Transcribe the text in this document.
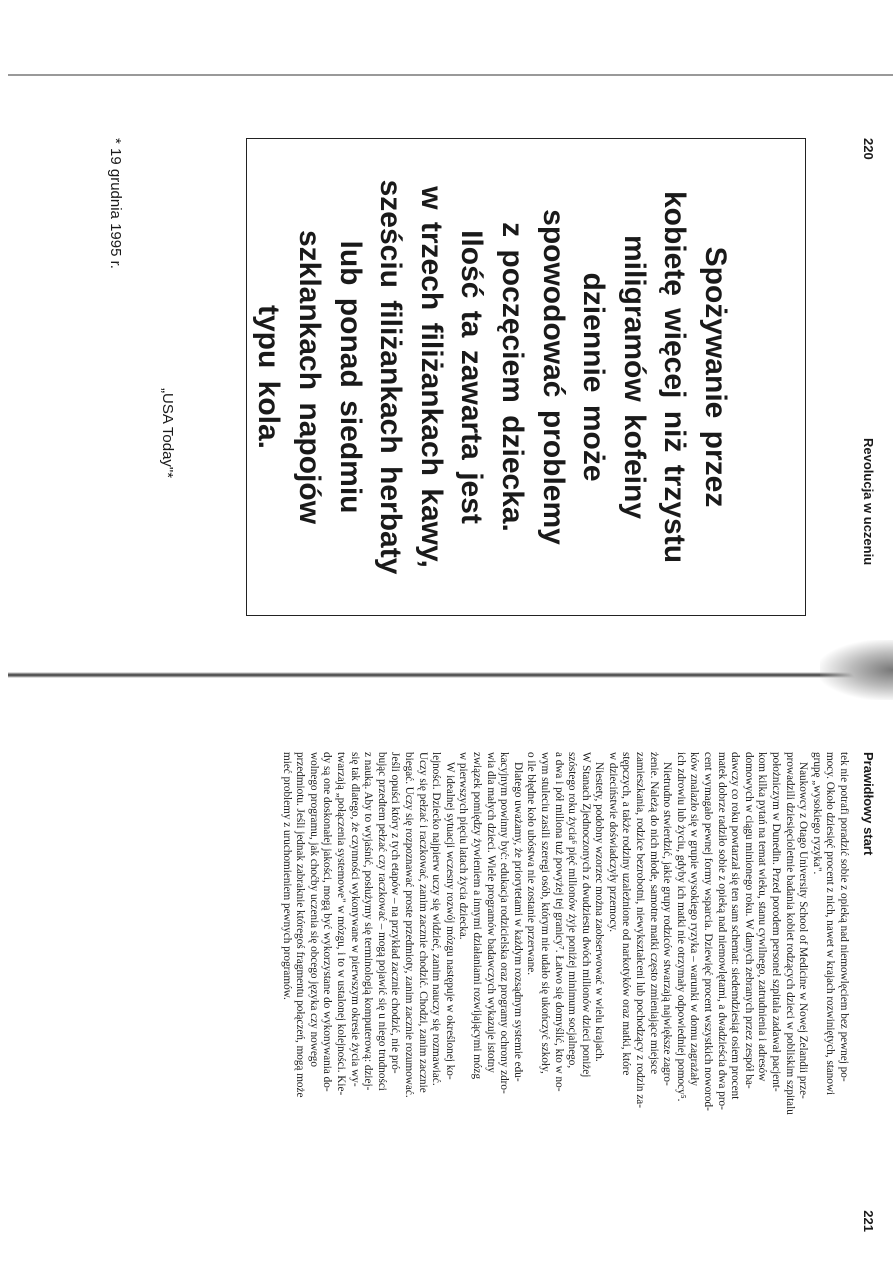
220
Revolucja w uczeniu
Spożywanie przez
kobietę więcej niż trzystu
miligramów kofeiny
dziennie może
spowodować problemy
z poczęciem dziecka.
Ilość ta zawarta jest
w trzech filiżankach kawy,
sześciu filiżankach herbaty
lub ponad siedmiu
szklankach napojów
typu kola.
„USA Today"*
* 19 grudnia 1995 r.
Prawidłowy start
221
tek nie potrafi poradzić sobie z opieką nad niemowlęciem bez pewnej po-
mocy. Około dziesięć procent z nich, nawet w krajach rozwiniętych, stanowi
grupę „wysokiego ryzyka".
Naukowcy z Otago University School of Medicine w Nowej Zelandii prze-
prowadzili dziesięcioletnie badania kobiet rodzących dzieci w pobliskim szpitalu
położniczym w Dunedin. Przed porodem personel szpitala zadawał pacjent-
kom kilka pytań na temat wieku, stanu cywilnego, zatrudnienia i adresów
domowych w ciągu minionego roku. W danych zebranych przez zespół ba-
dawczy co roku powtarzał się ten sam schemat: siedemdziesiąt osiem procent
matek dobrze radziło sobie z opieką nad niemowlętami, a dwadzieścia dwa pro-
cent wymagało pewnej formy wsparcia. Dziewięć procent wszystkich noworod-
ków znalazło się w grupie wysokiego ryzyka – warunki w domu zagrażały
ich zdrowiu lub życiu, gdyby ich matki nie otrzymały odpowiedniej pomocy⁵.
Nietrudno stwierdzić, jakie grupy rodziców stwarzają największe zagro-
żenie. Należą do nich młode, samotne matki często zmieniające miejsce
zamieszkania, rodzice bezrobotni, niewykształceni lub pochodzący z rodzin za-
stępczych, a także rodziny uzależnione od narkotyków oraz matki, które
w dzieciństwie doświadczyły przemocy.
Niestety, podobny wzorzec można zaobserwować w wielu krajach.
W Stanach Zjednoczonych z dwudziestu dwóch milionów dzieci poniżej
szóstego roku życia⁶ pięć milionów żyje poniżej minimum socjalnego,
a dwa i pół miliona tuż powyżej tej granicy⁷. Łatwo się domyślić, kto w no-
wym stuleciu zasili szeregi osób, którym nie udało się ukończyć szkoły,
o ile błędne koło ubóstwa nie zostanie przerwane.
Dlatego uważamy, że priorytetami w każdym rozsądnym systemie edu-
kacyjnym powinny być: edukacja rodzicielska oraz programy ochrony zdro-
wia dla małych dzieci. Wiele programów badawczych wykazuje istotny
związek pomiędzy żywieniem a innymi działaniami rozwijającymi mózg
w pierwszych pięciu latach życia dziecka.
W idealnej sytuacji wczesny rozwój mózgu następuje w określonej ko-
lejności. Dziecko najpierw uczy się widzieć, zanim nauczy się rozmawiać.
Uczy się pełzać i raczkować, zanim zacznie chodzić. Chodzi, zanim zacznie
biegać. Uczy się rozpoznawać proste przedmioty, zanim zacznie rozumować.
Jeśli opuści który z tych etapów – na przykład zacznie chodzić, nie pró-
bując przedtem pełzać czy raczkować – mogą pojawić się u niego trudności
z nauką. Aby to wyjaśnić, posłużymy się terminologią komputerową: dziej-
się tak dlatego, że czynności wykonywane w pierwszym okresie życia wy-
twarzają „połączenia systemowe" w mózgu, i to w ustalonej kolejności. Kie-
dy są one doskonałej jakości, mogą być wykorzystane do wykonywania do-
wolnego programu, jak choćby uczenia się obcego języka czy nowego
przedmiotu. Jeśli jednak zabraknie któregoś fragmentu połączeń, mogą może
mieć problemy z uruchomieniem pewnych programów.
